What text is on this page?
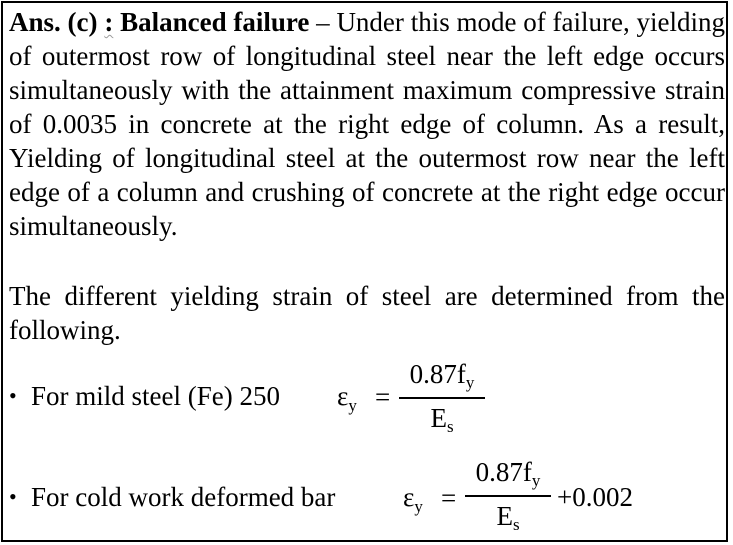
Ans. (c) : Balanced failure – Under this mode of failure, yielding of outermost row of longitudinal steel near the left edge occurs simultaneously with the attainment maximum compressive strain of 0.0035 in concrete at the right edge of column. As a result, Yielding of longitudinal steel at the outermost row near the left edge of a column and crushing of concrete at the right edge occur simultaneously.

The different yielding strain of steel are determined from the following.

• For mild steel (Fe) 250 $\varepsilon_y$ =
$0.87f_y$
$E_s$
• For cold work deformed bar	$\varepsilon_y$ =
$0.87f_y$
$E_s$
+0.002
